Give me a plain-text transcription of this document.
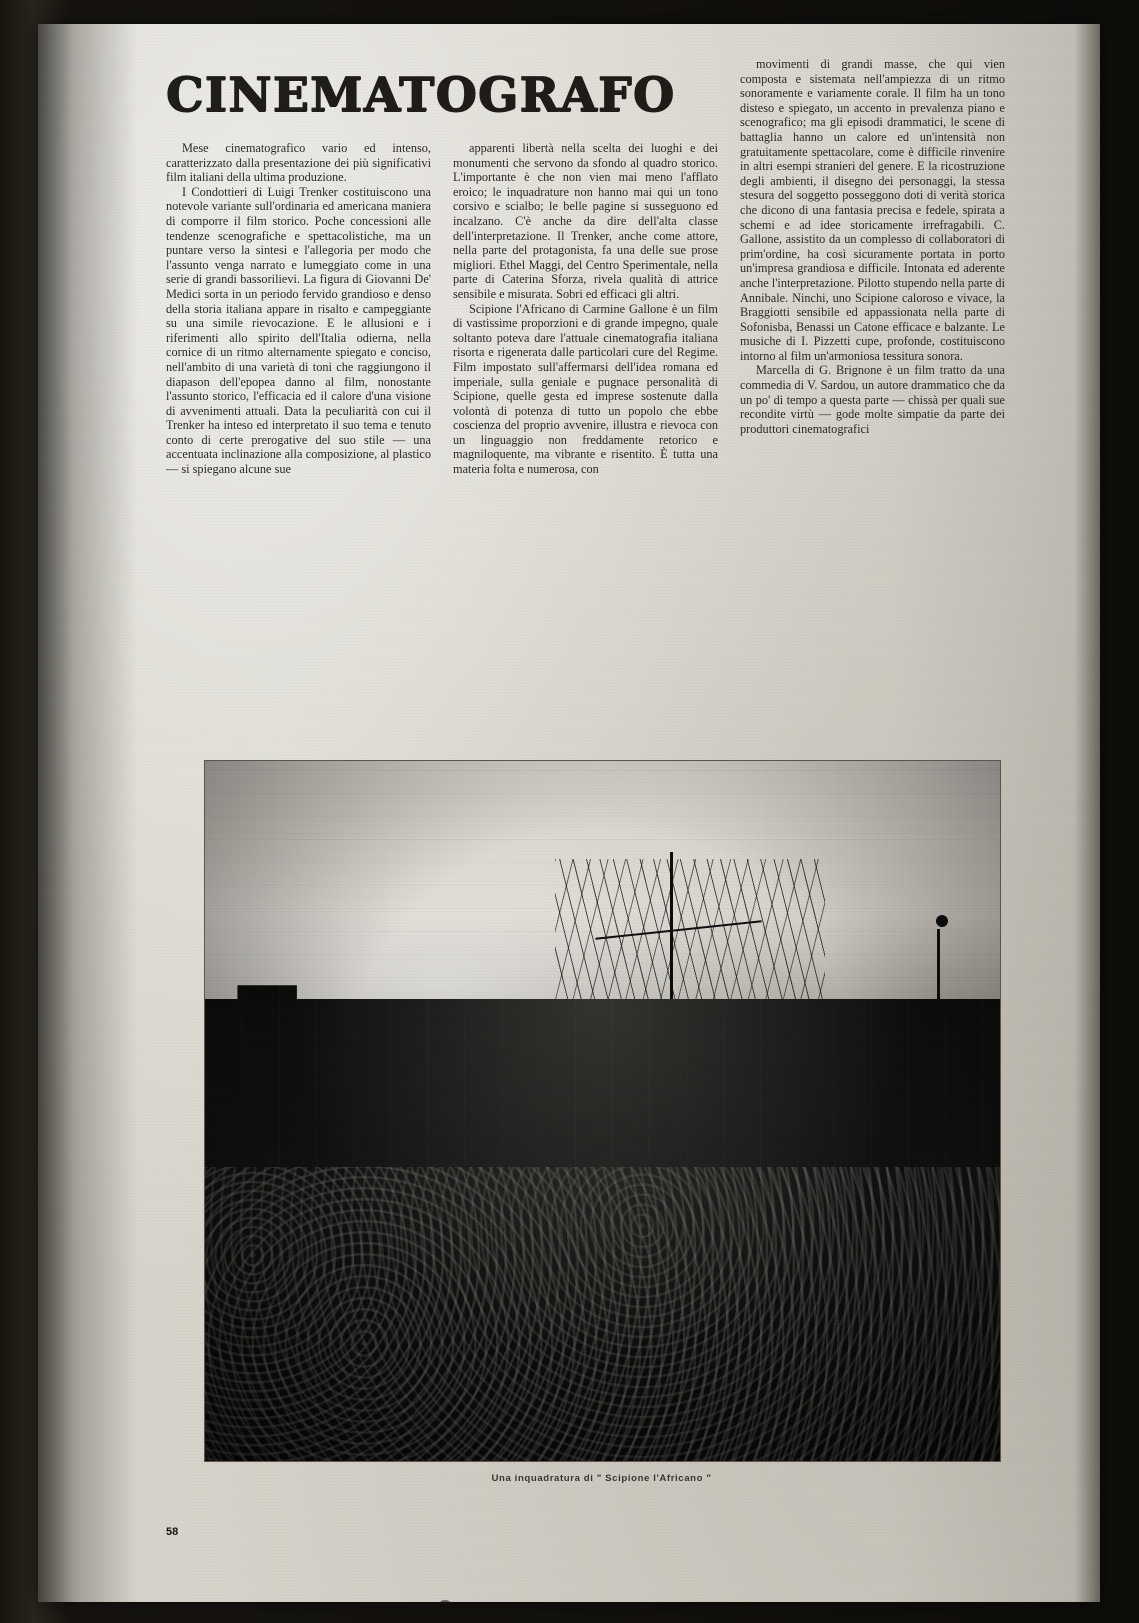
CINEMATOGRAFO

Mese cinematografico vario ed intenso, caratterizzato dalla presentazione dei più significativi film italiani della ultima produzione.

I Condottieri di Luigi Trenker costituiscono una notevole variante sull'ordinaria ed americana maniera di comporre il film storico. Poche concessioni alle tendenze scenografiche e spettacolistiche, ma un puntare verso la sintesi e l'allegoria per modo che l'assunto venga narrato e lumeggiato come in una serie di grandi bassorilievi. La figura di Giovanni De' Medici sorta in un periodo fervido grandioso e denso della storia italiana appare in risalto e campeggiante su una simile rievocazione. E le allusioni e i riferimenti allo spirito dell'Italia odierna, nella cornice di un ritmo alternamente spiegato e conciso, nell'ambito di una varietà di toni che raggiungono il diapason dell'epopea danno al film, nonostante l'assunto storico, l'efficacia ed il calore d'una visione di avvenimenti attuali. Data la peculiarità con cui il Trenker ha inteso ed interpretato il suo tema e tenuto conto di certe prerogative del suo stile — una accentuata inclinazione alla composizione, al plastico — si spiegano alcune sue

apparenti libertà nella scelta dei luoghi e dei monumenti che servono da sfondo al quadro storico. L'importante è che non vien mai meno l'afflato eroico; le inquadrature non hanno mai qui un tono corsivo e scialbo; le belle pagine si susseguono ed incalzano. C'è anche da dire dell'alta classe dell'interpretazione. Il Trenker, anche come attore, nella parte del protagonista, fa una delle sue prose migliori. Ethel Maggi, del Centro Sperimentale, nella parte di Caterina Sforza, rivela qualità di attrice sensibile e misurata. Sobri ed efficaci gli altri.

Scipione l'Africano di Carmine Gallone è un film di vastissime proporzioni e di grande impegno, quale soltanto poteva dare l'attuale cinematografia italiana risorta e rigenerata dalle particolari cure del Regime. Film impostato sull'affermarsi dell'idea romana ed imperiale, sulla geniale e pugnace personalità di Scipione, quelle gesta ed imprese sostenute dalla volontà di potenza di tutto un popolo che ebbe coscienza del proprio avvenire, illustra e rievoca con un linguaggio non freddamente retorico e magniloquente, ma vibrante e risentito. È tutta una materia folta e numerosa, con

movimenti di grandi masse, che qui vien composta e sistemata nell'ampiezza di un ritmo sonoramente e variamente corale. Il film ha un tono disteso e spiegato, un accento in prevalenza piano e scenografico; ma gli episodi drammatici, le scene di battaglia hanno un calore ed un'intensità non gratuitamente spettacolare, come è difficile rinvenire in altri esempi stranieri del genere. E la ricostruzione degli ambienti, il disegno dei personaggi, la stessa stesura del soggetto posseggono doti di verità storica che dicono di una fantasia precisa e fedele, spirata a schemi e ad idee storicamente irrefragabili. C. Gallone, assistito da un complesso di collaboratori di prim'ordine, ha così sicuramente portata in porto un'impresa grandiosa e difficile. Intonata ed aderente anche l'interpretazione. Pilotto stupendo nella parte di Annibale. Ninchi, uno Scipione caloroso e vivace, la Braggiotti sensibile ed appassionata nella parte di Sofonisba, Benassi un Catone efficace e balzante. Le musiche di I. Pizzetti cupe, profonde, costituiscono intorno al film un'armoniosa tessitura sonora.

Marcella di G. Brignone è un film tratto da una commedia di V. Sardou, un autore drammatico che da un po' di tempo a questa parte — chissà per quali sue recondite virtù — gode molte simpatie da parte dei produttori cinematografici

Una inquadratura di " Scipione l'Africano "
58
